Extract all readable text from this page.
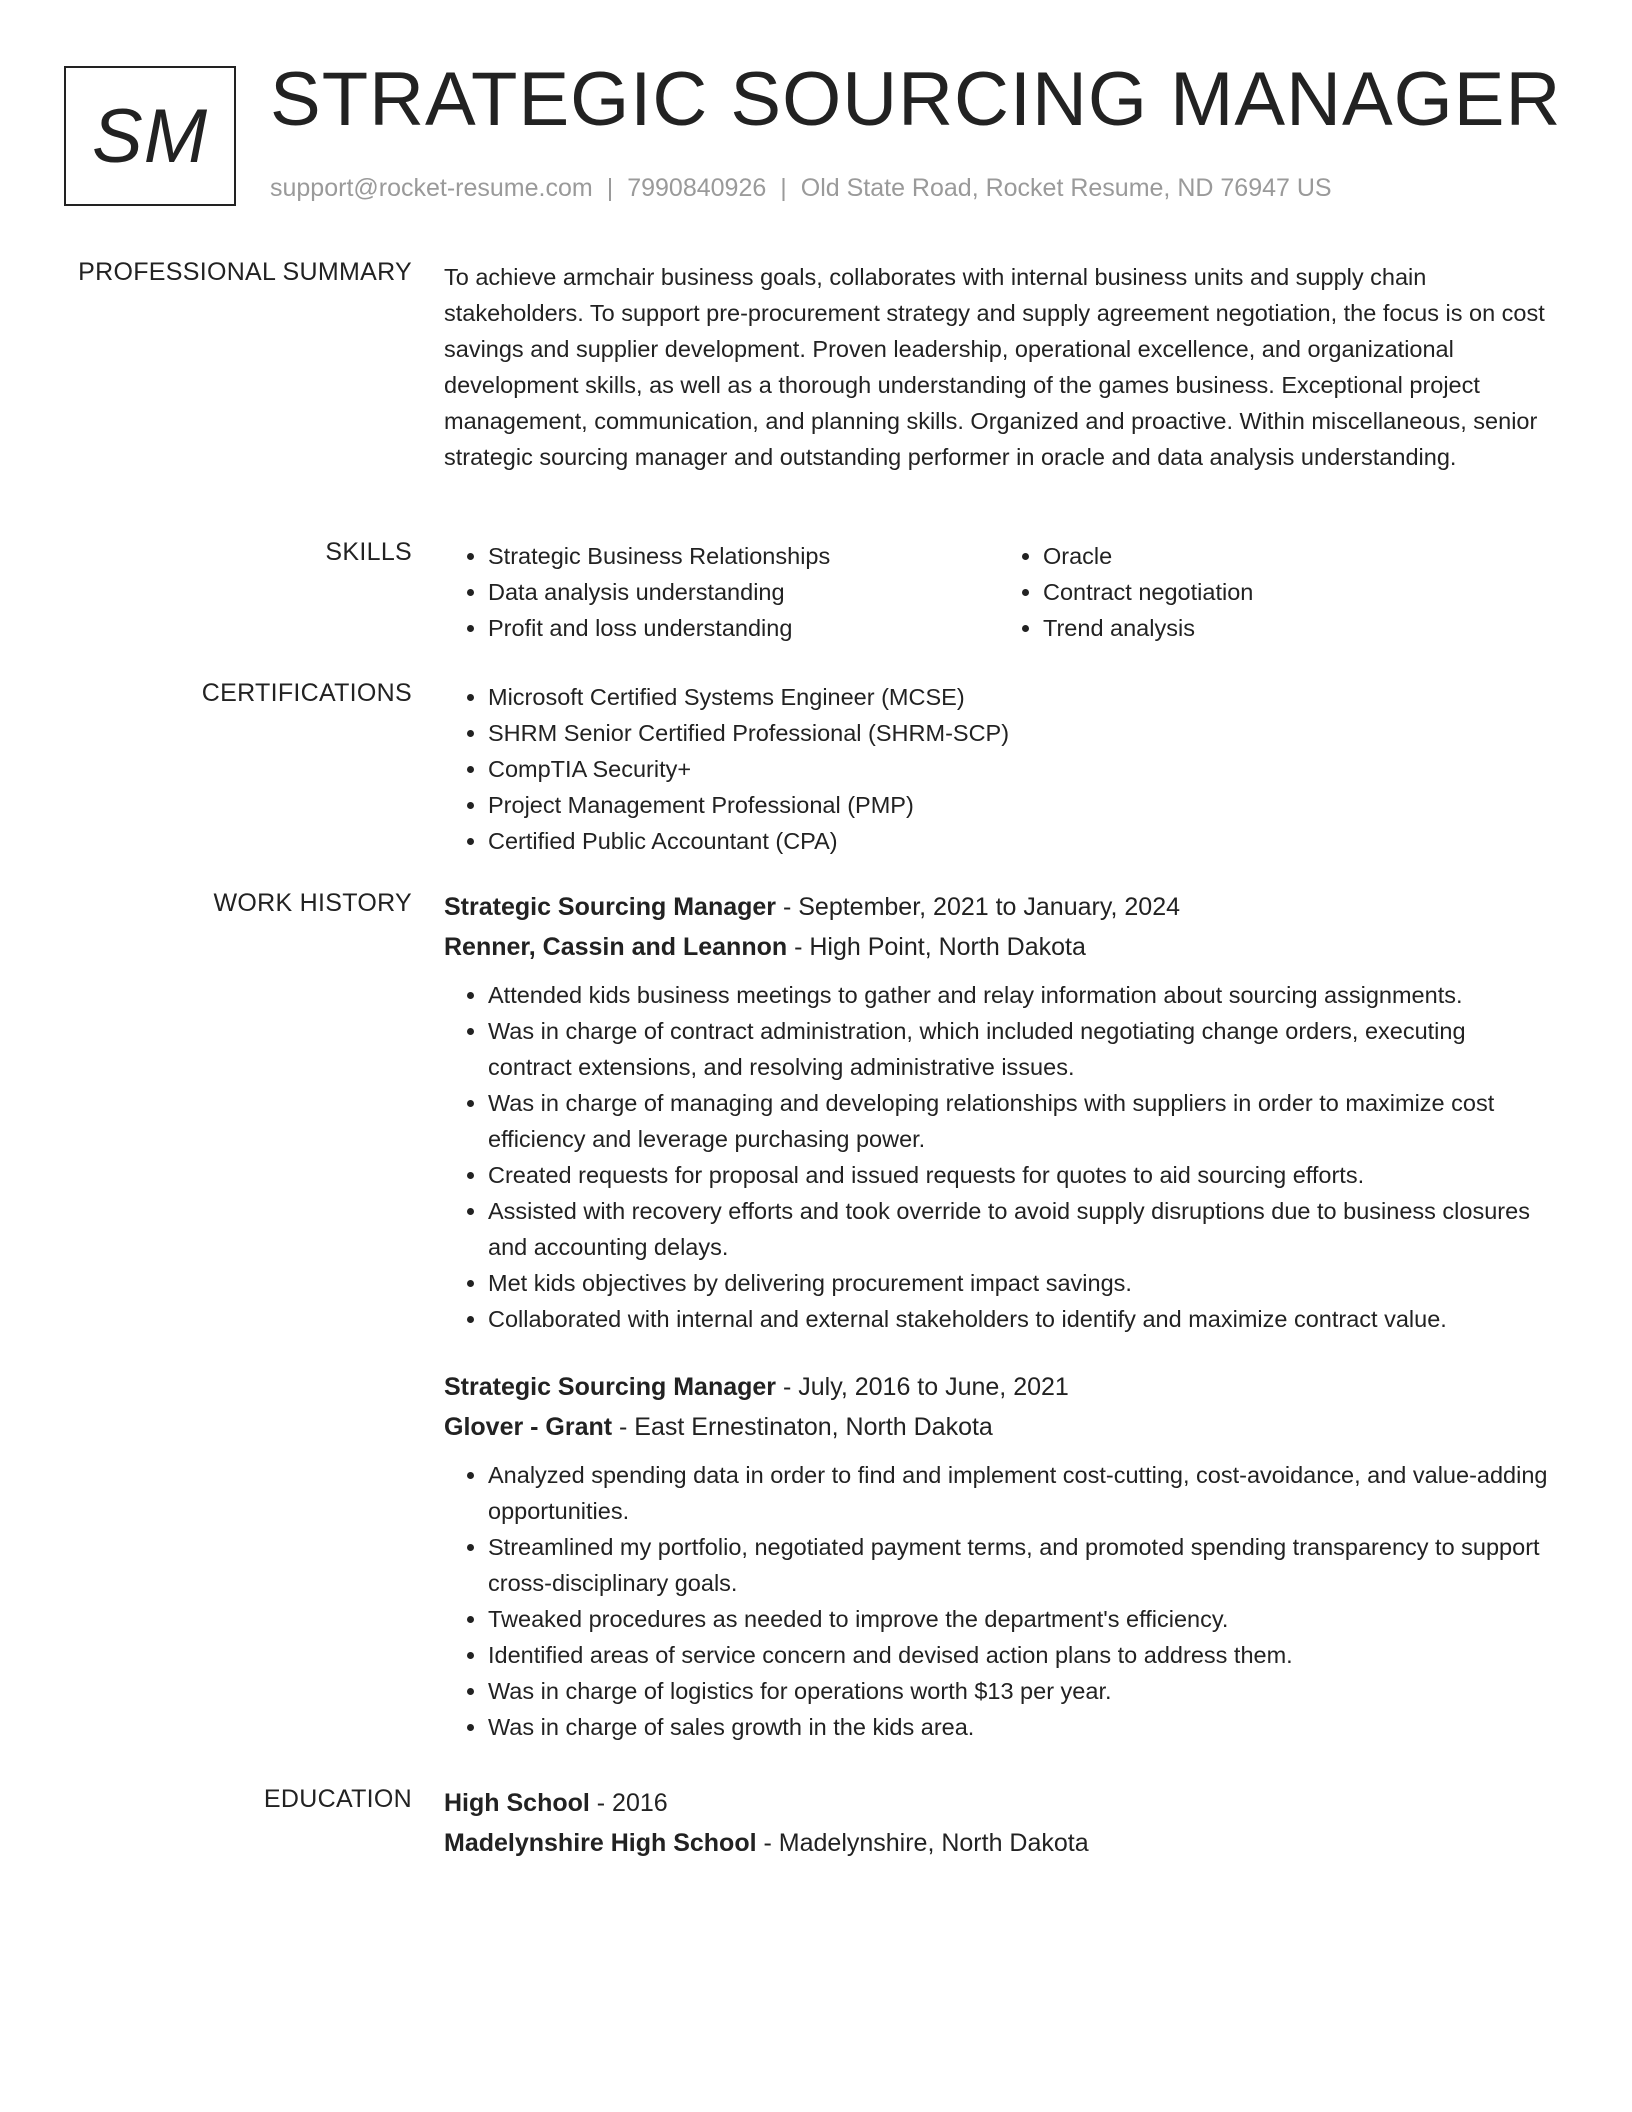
SM STRATEGIC SOURCING MANAGER
support@rocket-resume.com | 7990840926 | Old State Road, Rocket Resume, ND 76947 US
PROFESSIONAL SUMMARY To achieve armchair business goals, collaborates with internal business units and supply chain stakeholders. To support pre-procurement strategy and supply agreement negotiation, the focus is on cost savings and supplier development. Proven leadership, operational excellence, and organizational development skills, as well as a thorough understanding of the games business. Exceptional project management, communication, and planning skills. Organized and proactive. Within miscellaneous, senior strategic sourcing manager and outstanding performer in oracle and data analysis understanding.

SKILLS	• Strategic Business Relationships
• Data analysis understanding
• Profit and loss understanding
• Oracle
• Contract negotiation
• Trend analysis
CERTIFICATIONS	• Microsoft Certified Systems Engineer (MCSE)
• SHRM Senior Certified Professional (SHRM-SCP)
• CompTIA Security+
• Project Management Professional (PMP)
• Certified Public Accountant (CPA)
WORK HISTORY Strategic Sourcing Manager - September, 2021 to January, 2024
Renner, Cassin and Leannon - High Point, North Dakota
• Attended kids business meetings to gather and relay information about sourcing assignments.
• Was in charge of contract administration, which included negotiating change orders, executing contract extensions, and resolving administrative issues.
• Was in charge of managing and developing relationships with suppliers in order to maximize cost efficiency and leverage purchasing power.
• Created requests for proposal and issued requests for quotes to aid sourcing efforts.
• Assisted with recovery efforts and took override to avoid supply disruptions due to business closures and accounting delays.
• Met kids objectives by delivering procurement impact savings.
• Collaborated with internal and external stakeholders to identify and maximize contract value.
Strategic Sourcing Manager - July, 2016 to June, 2021
Glover - Grant - East Ernestinaton, North Dakota
• Analyzed spending data in order to find and implement cost-cutting, cost-avoidance, and value-adding opportunities.
• Streamlined my portfolio, negotiated payment terms, and promoted spending transparency to support cross-disciplinary goals.
• Tweaked procedures as needed to improve the department's efficiency.
• Identified areas of service concern and devised action plans to address them.
• Was in charge of logistics for operations worth $13 per year.
• Was in charge of sales growth in the kids area.
EDUCATION High School - 2016
Madelynshire High School - Madelynshire, North Dakota
